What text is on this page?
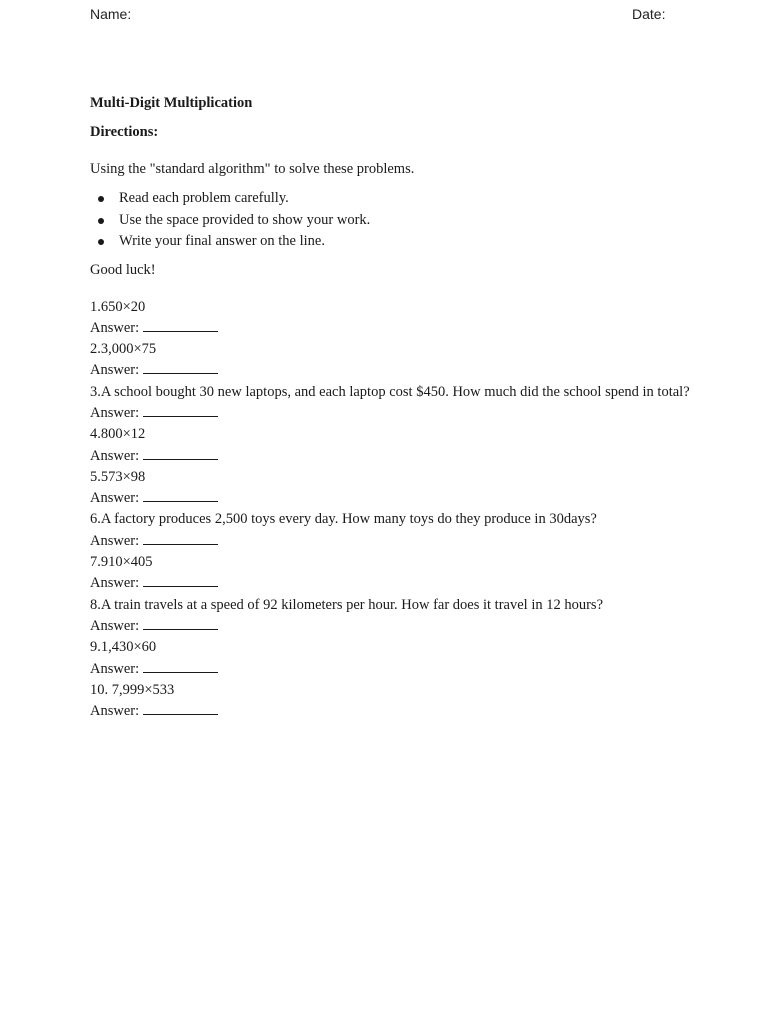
Name:	Date:
Multi-Digit Multiplication
Directions:
Using the "standard algorithm" to solve these problems.
Read each problem carefully.
Use the space provided to show your work.
Write your final answer on the line.
Good luck!
1.650×20
Answer:
2.3,000×75
Answer:
3.A school bought 30 new laptops, and each laptop cost $450. How much did the school spend in total?
Answer:
4.800×12
Answer:
5.573×98
Answer:
6.A factory produces 2,500 toys every day. How many toys do they produce in 30days?
Answer:
7.910×405
Answer:
8.A train travels at a speed of 92 kilometers per hour. How far does it travel in 12 hours?
Answer:
9.1,430×60
Answer:
10. 7,999×533
Answer:
